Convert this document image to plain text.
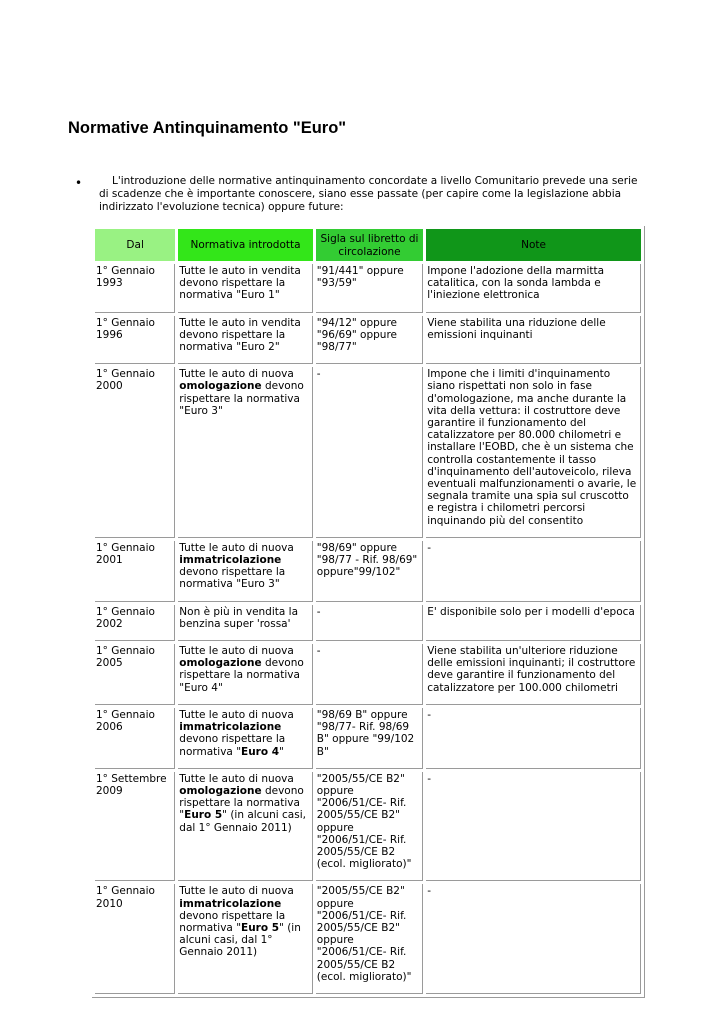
Normative Antinquinamento "Euro"
•	L'introduzione delle normative antinquinamento concordate a livello Comunitario prevede una serie di scadenze che è importante conoscere, siano esse passate (per capire come la legislazione abbia indirizzato l'evoluzione tecnica) oppure future:

Dal	Normativa introdotta	Sigla sul libretto di circolazione	Note
1° Gennaio 1993	Tutte le auto in vendita devono rispettare la normativa "Euro 1"	"91/441" oppure "93/59"	Impone l'adozione della marmitta catalitica, con la sonda lambda e l'iniezione elettronica
1° Gennaio 1996	Tutte le auto in vendita devono rispettare la normativa "Euro 2"	"94/12" oppure "96/69" oppure "98/77"	Viene stabilita una riduzione delle emissioni inquinanti
1° Gennaio 2000	Tutte le auto di nuova omologazione devono rispettare la normativa "Euro 3"	-	Impone che i limiti d'inquinamento siano rispettati non solo in fase d'omologazione, ma anche durante la vita della vettura: il costruttore deve garantire il funzionamento del catalizzatore per 80.000 chilometri e installare l'EOBD, che è un sistema che controlla costantemente il tasso d'inquinamento dell'autoveicolo, rileva eventuali malfunzionamenti o avarie, le segnala tramite una spia sul cruscotto e registra i chilometri percorsi inquinando più del consentito
1° Gennaio 2001	Tutte le auto di nuova immatricolazione devono rispettare la normativa "Euro 3"	"98/69" oppure "98/77 - Rif. 98/69" oppure"99/102"	-
1° Gennaio 2002	Non è più in vendita la benzina super 'rossa'	-	E' disponibile solo per i modelli d'epoca
1° Gennaio 2005	Tutte le auto di nuova omologazione devono rispettare la normativa "Euro 4"	-	Viene stabilita un'ulteriore riduzione delle emissioni inquinanti; il costruttore deve garantire il funzionamento del catalizzatore per 100.000 chilometri
1° Gennaio 2006	Tutte le auto di nuova immatricolazione devono rispettare la normativa "Euro 4"	"98/69 B" oppure "98/77- Rif. 98/69 B" oppure "99/102 B"	-
1° Settembre 2009	Tutte le auto di nuova omologazione devono rispettare la normativa "Euro 5" (in alcuni casi, dal 1° Gennaio 2011)	"2005/55/CE B2" oppure "2006/51/CE- Rif. 2005/55/CE B2" oppure "2006/51/CE- Rif. 2005/55/CE B2 (ecol. migliorato)"	-
1° Gennaio 2010	Tutte le auto di nuova immatricolazione devono rispettare la normativa "Euro 5" (in alcuni casi, dal 1° Gennaio 2011)	"2005/55/CE B2" oppure "2006/51/CE- Rif. 2005/55/CE B2" oppure "2006/51/CE- Rif. 2005/55/CE B2 (ecol. migliorato)"	-
